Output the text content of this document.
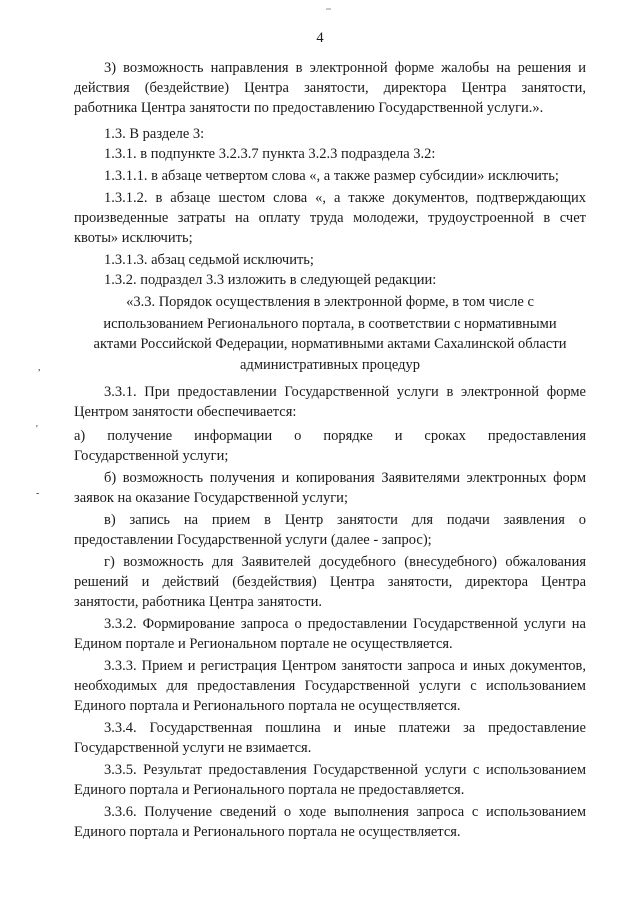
4
3) возможность направления в электронной форме жалобы на решения и
действия (бездействие) Центра занятости, директора Центра занятости,
работника Центра занятости по предоставлению Государственной услуги.».
1.3. В разделе 3:
1.3.1. в подпункте 3.2.3.7 пункта 3.2.3 подраздела 3.2:
1.3.1.1. в абзаце четвертом слова «, а также размер субсидии» исключить;
1.3.1.2. в абзаце шестом слова «, а также документов, подтверждающих
произведенные затраты на оплату труда молодежи, трудоустроенной в счет
квоты» исключить;
1.3.1.3. абзац седьмой исключить;
1.3.2. подраздел 3.3 изложить в следующей редакции:
«3.3. Порядок осуществления в электронной форме, в том числе с
использованием Регионального портала, в соответствии с нормативными
актами Российской Федерации, нормативными актами Сахалинской области
административных процедур
3.3.1. При предоставлении Государственной услуги в электронной форме
Центром занятости обеспечивается:
а) получение информации о порядке и сроках предоставления
Государственной услуги;
б) возможность получения и копирования Заявителями электронных форм
заявок на оказание Государственной услуги;
в) запись на прием в Центр занятости для подачи заявления о
предоставлении Государственной услуги (далее - запрос);
г) возможность для Заявителей досудебного (внесудебного) обжалования
решений и действий (бездействия) Центра занятости, директора Центра
занятости, работника Центра занятости.
3.3.2. Формирование запроса о предоставлении Государственной услуги на
Едином портале и Региональном портале не осуществляется.
3.3.3. Прием и регистрация Центром занятости запроса и иных документов,
необходимых для предоставления Государственной услуги с использованием
Единого портала и Регионального портала не осуществляется.
3.3.4. Государственная пошлина и иные платежи за предоставление
Государственной услуги не взимается.
3.3.5. Результат предоставления Государственной услуги с использованием
Единого портала и Регионального портала не предоставляется.
3.3.6. Получение сведений о ходе выполнения запроса с использованием
Единого портала и Регионального портала не осуществляется.
,
'
-
